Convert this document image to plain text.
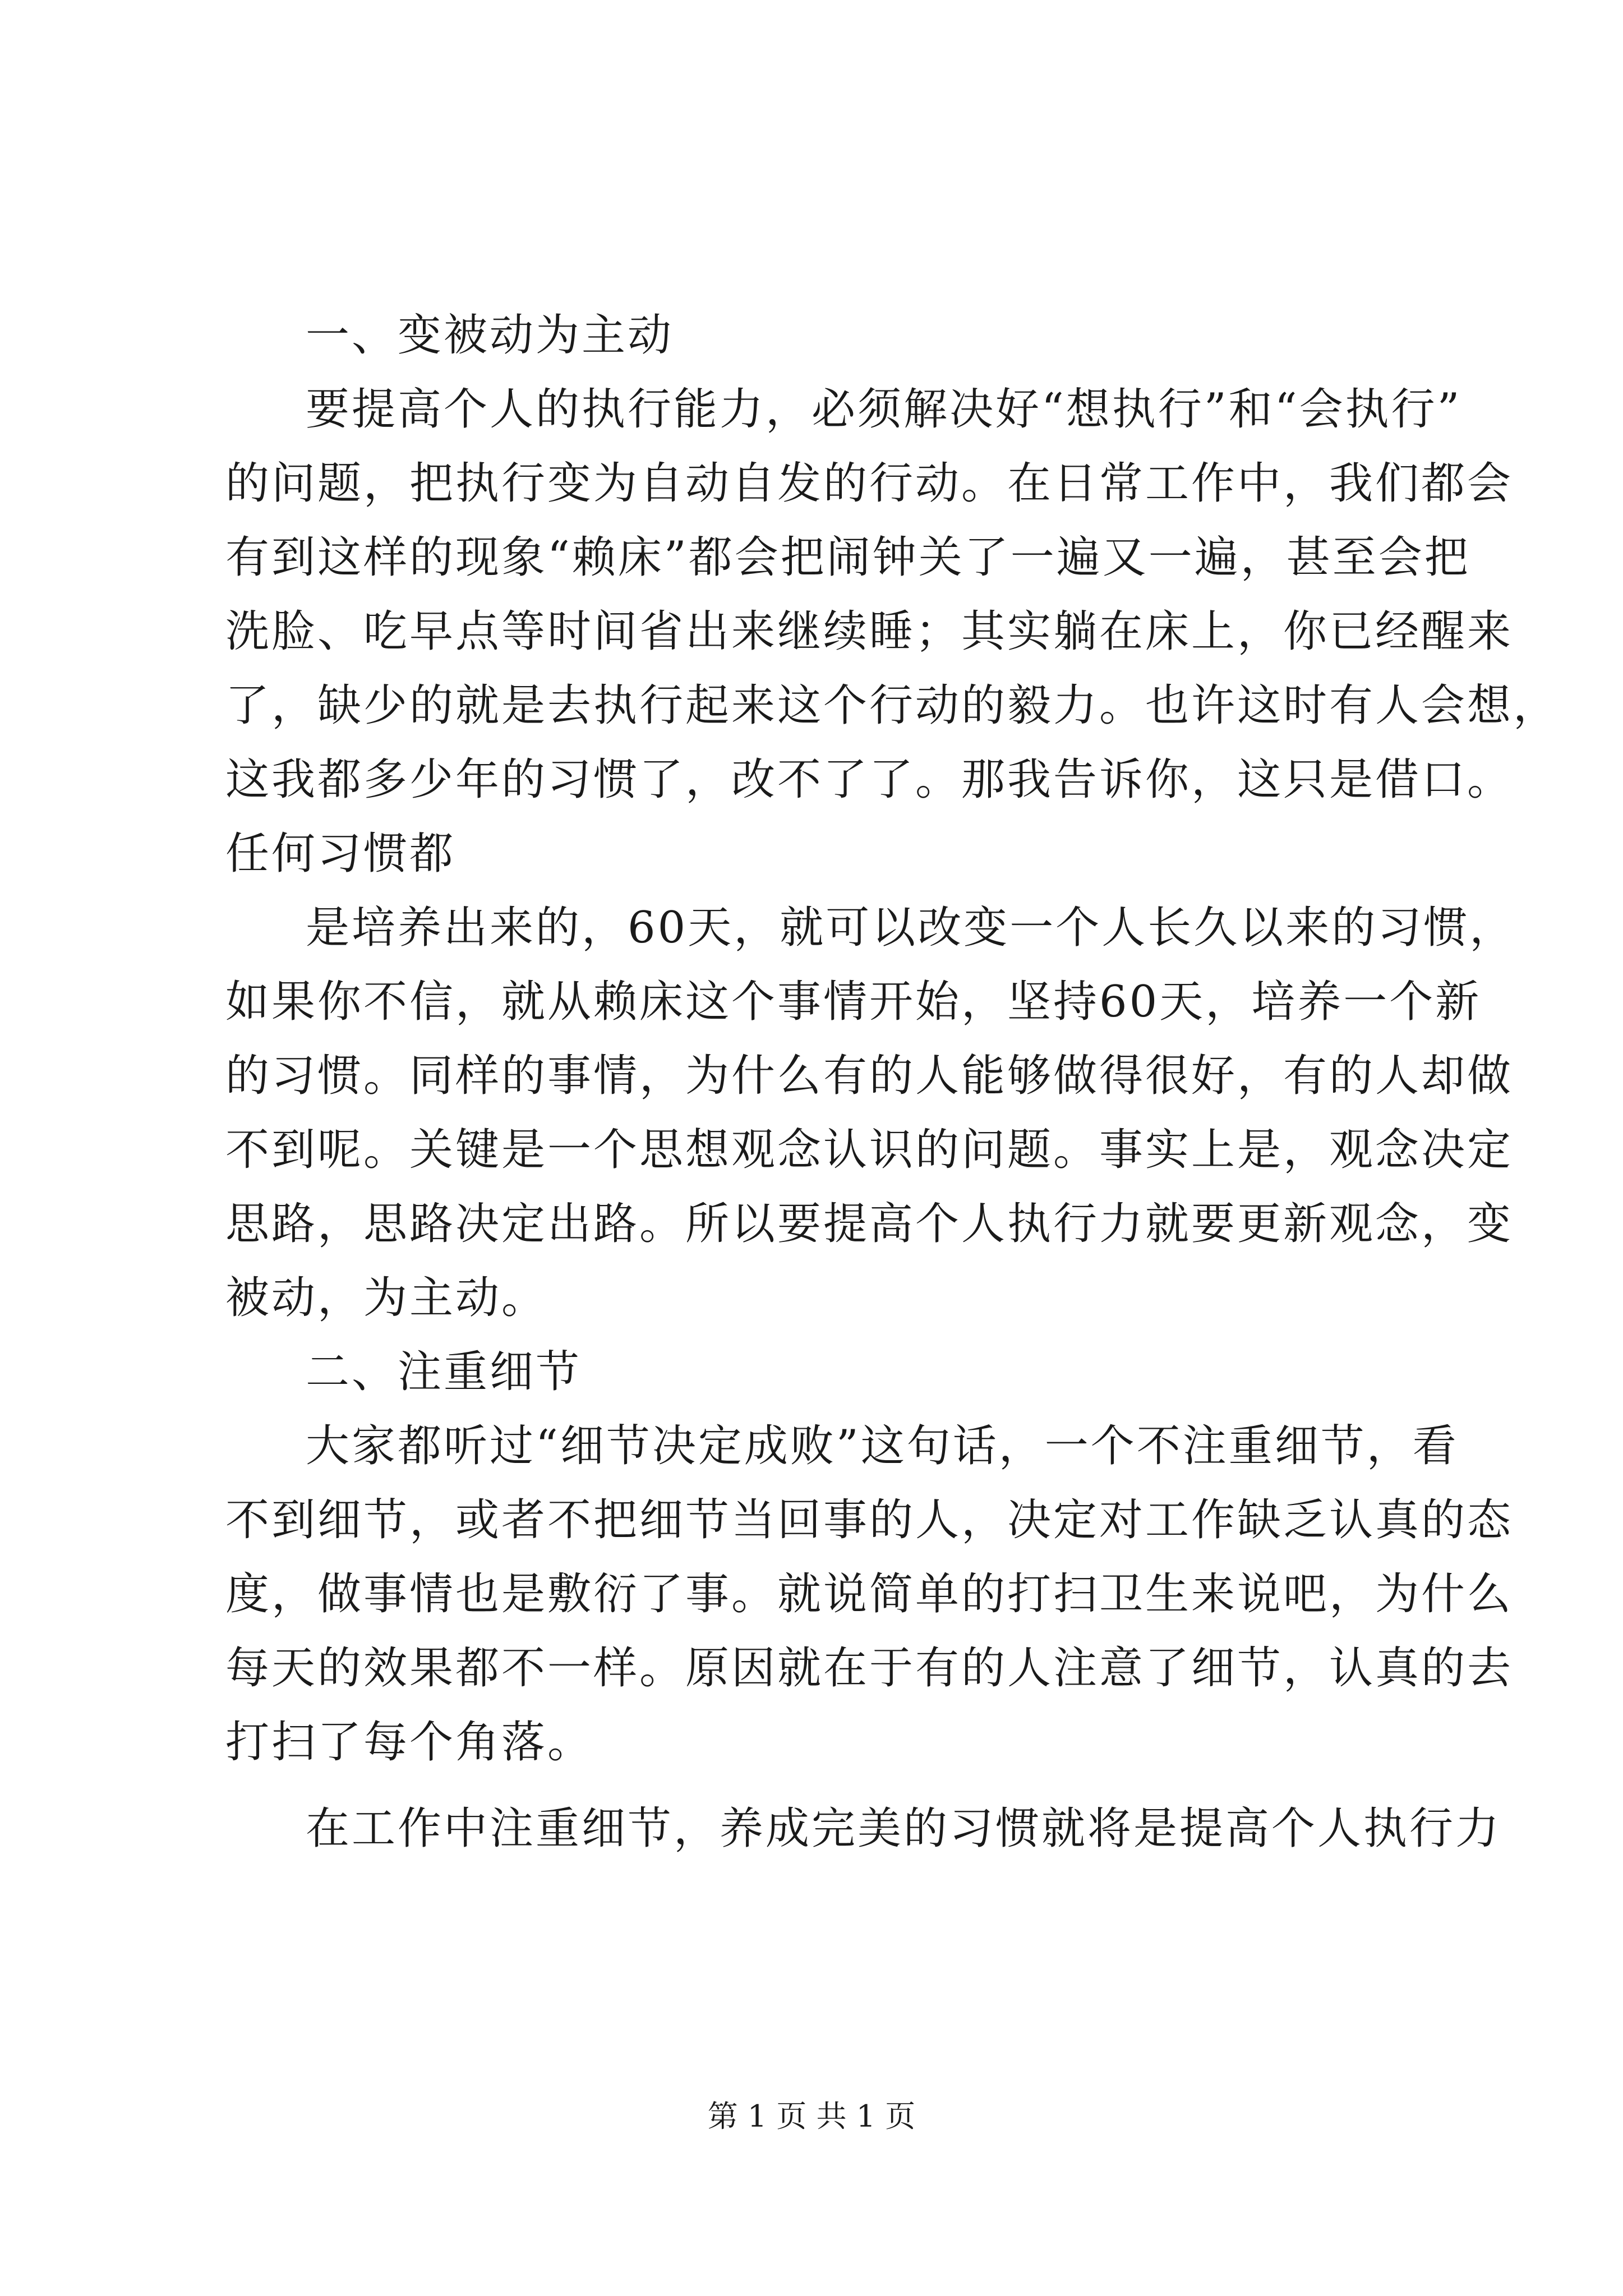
一、变被动为主动
要提高个人的执行能力，必须解决好“想执行”和“会执行”
的问题，把执行变为自动自发的行动。在日常工作中，我们都会
有到这样的现象“赖床”都会把闹钟关了一遍又一遍，甚至会把
洗脸、吃早点等时间省出来继续睡；其实躺在床上，你已经醒来
了，缺少的就是去执行起来这个行动的毅力。也许这时有人会想，
这我都多少年的习惯了，改不了了。那我告诉你，这只是借口。
任何习惯都
是培养出来的，60天，就可以改变一个人长久以来的习惯，
如果你不信，就从赖床这个事情开始，坚持60天，培养一个新
的习惯。同样的事情，为什么有的人能够做得很好，有的人却做
不到呢。关键是一个思想观念认识的问题。事实上是，观念决定
思路，思路决定出路。所以要提高个人执行力就要更新观念，变
被动，为主动。
二、注重细节
大家都听过“细节决定成败”这句话，一个不注重细节，看
不到细节，或者不把细节当回事的人，决定对工作缺乏认真的态
度，做事情也是敷衍了事。就说简单的打扫卫生来说吧，为什么
每天的效果都不一样。原因就在于有的人注意了细节，认真的去
打扫了每个角落。
在工作中注重细节，养成完美的习惯就将是提高个人执行力
第 1 页 共 1 页
